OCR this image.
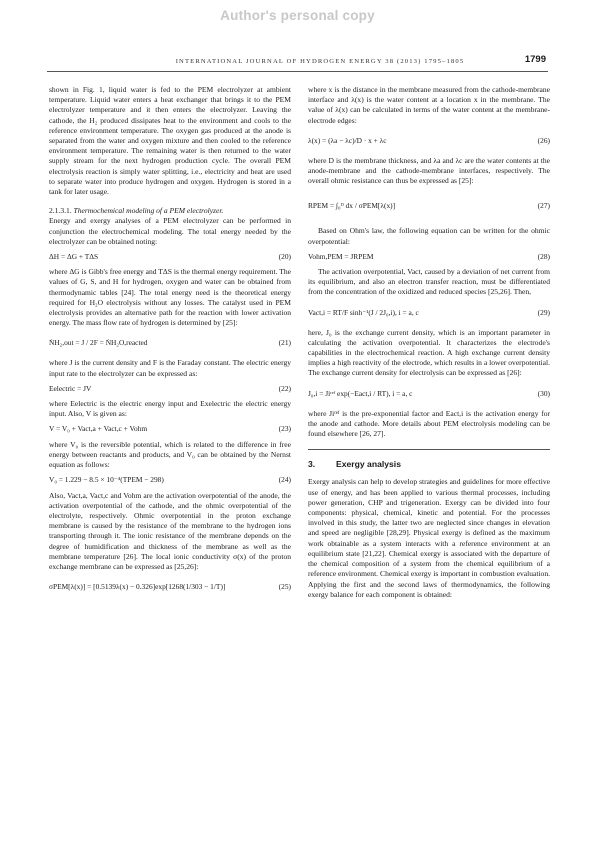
Author's personal copy
INTERNATIONAL JOURNAL OF HYDROGEN ENERGY 38 (2013) 1795–1805	1799

shown in Fig. 1, liquid water is fed to the PEM electrolyzer at ambient temperature. Liquid water enters a heat exchanger that brings it to the PEM electrolyzer temperature and it then enters the electrolyzer. Leaving the cathode, the H₂ produced dissipates heat to the environment and cools to the reference environment temperature. The oxygen gas produced at the anode is separated from the water and oxygen mixture and then cooled to the reference environment temperature. The remaining water is then returned to the water supply stream for the next hydrogen production cycle. The overall PEM electrolysis reaction is simply water splitting, i.e., electricity and heat are used to separate water into produce hydrogen and oxygen. Hydrogen is stored in a tank for later usage.

2.1.3.1. Thermochemical modeling of a PEM electrolyzer.

Energy and exergy analyses of a PEM electrolyzer can be performed in conjunction the electrochemical modeling. The total energy needed by the electrolyzer can be obtained noting:

ΔH = ΔG + TΔS	(20)

where ΔG is Gibb's free energy and TΔS is the thermal energy requirement. The values of G, S, and H for hydrogen, oxygen and water can be obtained from thermodynamic tables [24]. The total energy need is the theoretical energy required for H₂O electrolysis without any losses. The catalyst used in PEM electrolysis provides an alternative path for the reaction with lower activation energy. The mass flow rate of hydrogen is determined by [25]:

ṄH₂,out = J / 2F = ṄH₂O,reacted	(21)

where J is the current density and F is the Faraday constant. The electric energy input rate to the electrolyzer can be expressed as:

Eelectric = JV	(22)

where Eelectric is the electric energy input and Exelectric the electric energy input. Also, V is given as:

V = V₀ + Vact,a + Vact,c + Vohm	(23)

where V₀ is the reversible potential, which is related to the difference in free energy between reactants and products, and V₀ can be obtained by the Nernst equation as follows:

V₀ = 1.229 − 8.5 × 10⁻⁴(TPEM − 298)	(24)

Also, Vact,a, Vact,c and Vohm are the activation overpotential of the anode, the activation overpotential of the cathode, and the ohmic overpotential of the electrolyte, respectively. Ohmic overpotential in the proton exchange membrane is caused by the resistance of the membrane to the hydrogen ions transporting through it. The ionic resistance of the membrane depends on the degree of humidification and thickness of the membrane as well as the membrane temperature [26]. The local ionic conductivity σ(x) of the proton exchange membrane can be expressed as [25,26]:

σPEM[λ(x)] = [0.5139λ(x) − 0.326]exp[1268(1/303 − 1/T)]	(25)

where x is the distance in the membrane measured from the cathode-membrane interface and λ(x) is the water content at a location x in the membrane. The value of λ(x) can be calculated in terms of the water content at the membrane-electrode edges:

λ(x) = (λa − λc)/D · x + λc	(26)

where D is the membrane thickness, and λa and λc are the water contents at the anode-membrane and the cathode-membrane interfaces, respectively. The overall ohmic resistance can thus be expressed as [25]:

RPEM = ∫₀ᴰ dx / σPEM[λ(x)]	(27)

Based on Ohm's law, the following equation can be written for the ohmic overpotential:

Vohm,PEM = JRPEM	(28)

The activation overpotential, Vact, caused by a deviation of net current from its equilibrium, and also an electron transfer reaction, must be differentiated from the concentration of the oxidized and reduced species [25,26]. Then,

Vact,i = RT/F sinh⁻¹(J / 2J₀,i), i = a, c	(29)

here, J₀ is the exchange current density, which is an important parameter in calculating the activation overpotential. It characterizes the electrode's capabilities in the electrochemical reaction. A high exchange current density implies a high reactivity of the electrode, which results in a lower overpotential. The exchange current density for electrolysis can be expressed as [26]:

J₀,i = Jiʳᵉᶠ exp(−Eact,i / RT), i = a, c	(30)

where Jiʳᵉᶠ is the pre-exponential factor and Eact,i is the activation energy for the anode and cathode. More details about PEM electrolysis modeling can be found elsewhere [26, 27].

3. Exergy analysis

Exergy analysis can help to develop strategies and guidelines for more effective use of energy, and has been applied to various thermal processes, including power generation, CHP and trigeneration. Exergy can be divided into four components: physical, chemical, kinetic and potential. For the processes involved in this study, the latter two are neglected since changes in elevation and speed are negligible [28,29]. Physical exergy is defined as the maximum work obtainable as a system interacts with a reference environment at an equilibrium state [21,22]. Chemical exergy is associated with the departure of the chemical composition of a system from the chemical equilibrium of a reference environment. Chemical exergy is important in combustion evaluation. Applying the first and the second laws of thermodynamics, the following exergy balance for each component is obtained:
